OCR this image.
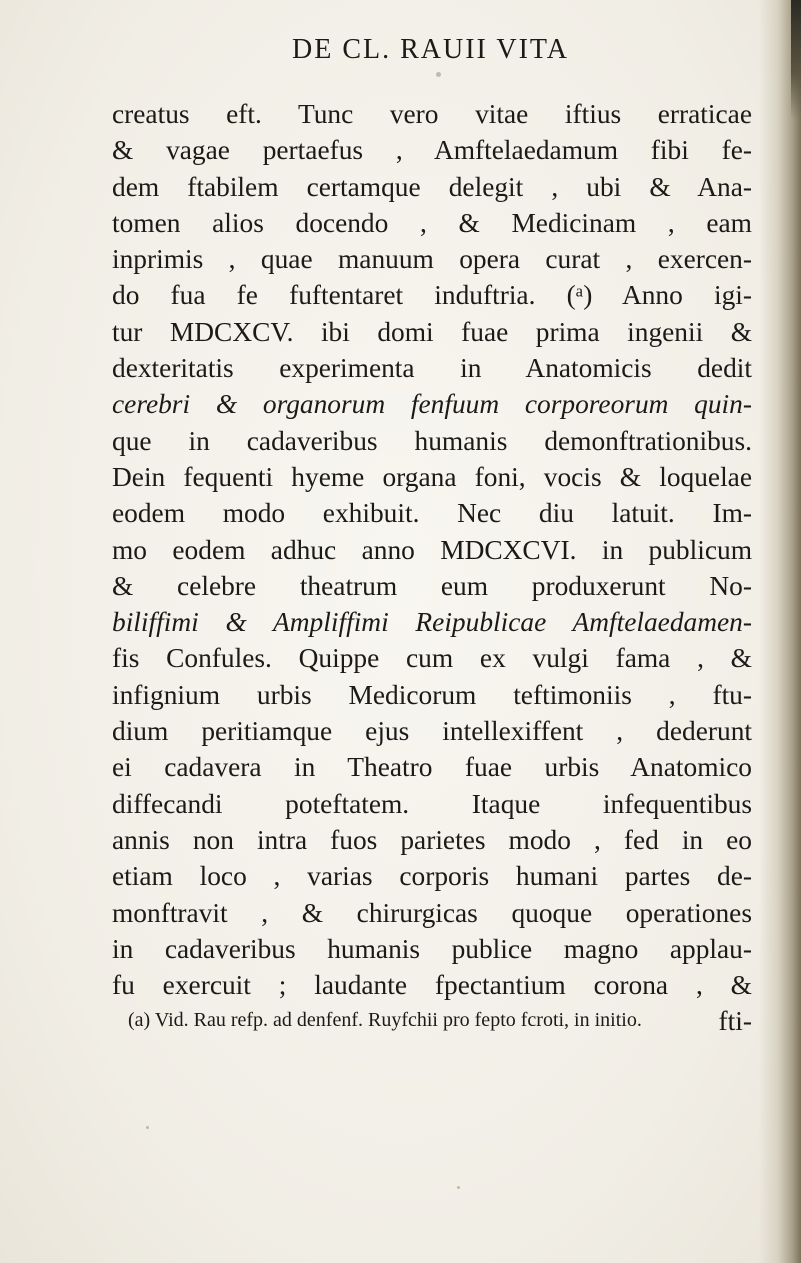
DE CL. RAUII VITA
creatus eft. Tunc vero vitae iftius erraticae
& vagae pertaefus , Amftelaedamum fibi fe-
dem ftabilem certamque delegit , ubi & Ana-
tomen alios docendo , & Medicinam , eam
inprimis , quae manuum opera curat , exercen-
do fua fe fuftentaret induftria. (ᵃ) Anno igi-
tur MDCXCV. ibi domi fuae prima ingenii &
dexteritatis experimenta in Anatomicis dedit
cerebri & organorum fenfuum corporeorum quin-
que in cadaveribus humanis demonftrationibus.
Dein fequenti hyeme organa foni, vocis & loquelae
eodem modo exhibuit. Nec diu latuit. Im-
mo eodem adhuc anno MDCXCVI. in publicum
& celebre theatrum eum produxerunt No-
biliffimi & Ampliffimi Reipublicae Amftelaedamen-
fis Confules. Quippe cum ex vulgi fama , &
infignium urbis Medicorum teftimoniis , ftu-
dium peritiamque ejus intellexiffent , dederunt
ei cadavera in Theatro fuae urbis Anatomico
diffecandi poteftatem. Itaque infequentibus
annis non intra fuos parietes modo , fed in eo
etiam loco , varias corporis humani partes de-
monftravit , & chirurgicas quoque operationes
in cadaveribus humanis publice magno applau-
fu exercuit ; laudante fpectantium corona , &
fti-
(a) Vid. Rau refp. ad denfenf. Ruyfchii pro fepto fcroti, in initio.
